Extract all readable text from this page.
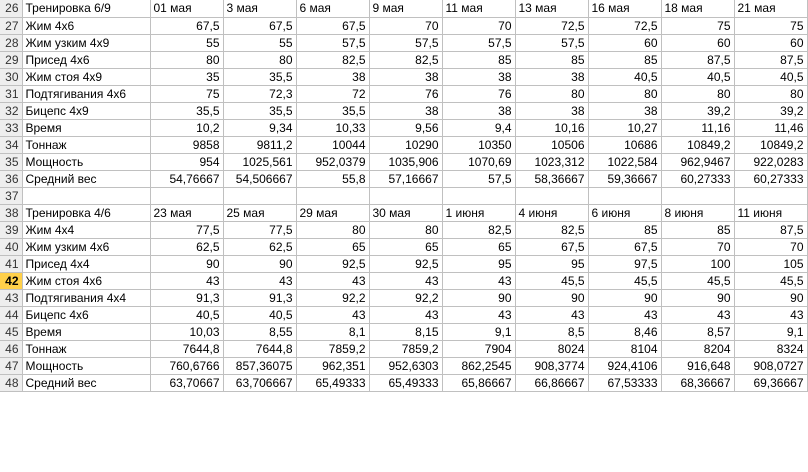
26	Тренировка 6/9	01 мая	3 мая	6 мая	9 мая	11 мая	13 мая	16 мая	18 мая	21 мая
27	Жим 4х6	67,5	67,5	67,5	70	70	72,5	72,5	75	75
28	Жим узким 4х9	55	55	57,5	57,5	57,5	57,5	60	60	60
29	Присед 4х6	80	80	82,5	82,5	85	85	85	87,5	87,5
30	Жим стоя 4х9	35	35,5	38	38	38	38	40,5	40,5	40,5
31	Подтягивания 4х6	75	72,3	72	76	76	80	80	80	80
32	Бицепс 4х9	35,5	35,5	35,5	38	38	38	38	39,2	39,2
33	Время	10,2	9,34	10,33	9,56	9,4	10,16	10,27	11,16	11,46
34	Тоннаж	9858	9811,2	10044	10290	10350	10506	10686	10849,2	10849,2
35	Мощность	954	1025,561	952,0379	1035,906	1070,69	1023,312	1022,584	962,9467	922,0283
36	Средний вес	54,76667	54,506667	55,8	57,16667	57,5	58,36667	59,36667	60,27333	60,27333
37										
38	Тренировка 4/6	23 мая	25 мая	29 мая	30 мая	1 июня	4 июня	6 июня	8 июня	11 июня
39	Жим 4х4	77,5	77,5	80	80	82,5	82,5	85	85	87,5
40	Жим узким 4х6	62,5	62,5	65	65	65	67,5	67,5	70	70
41	Присед 4х4	90	90	92,5	92,5	95	95	97,5	100	105
42	Жим стоя 4х6	43	43	43	43	43	45,5	45,5	45,5	45,5
43	Подтягивания 4х4	91,3	91,3	92,2	92,2	90	90	90	90	90
44	Бицепс 4х6	40,5	40,5	43	43	43	43	43	43	43
45	Время	10,03	8,55	8,1	8,15	9,1	8,5	8,46	8,57	9,1
46	Тоннаж	7644,8	7644,8	7859,2	7859,2	7904	8024	8104	8204	8324
47	Мощность	760,6766	857,36075	962,351	952,6303	862,2545	908,3774	924,4106	916,648	908,0727
48	Средний вес	63,70667	63,706667	65,49333	65,49333	65,86667	66,86667	67,53333	68,36667	69,36667
